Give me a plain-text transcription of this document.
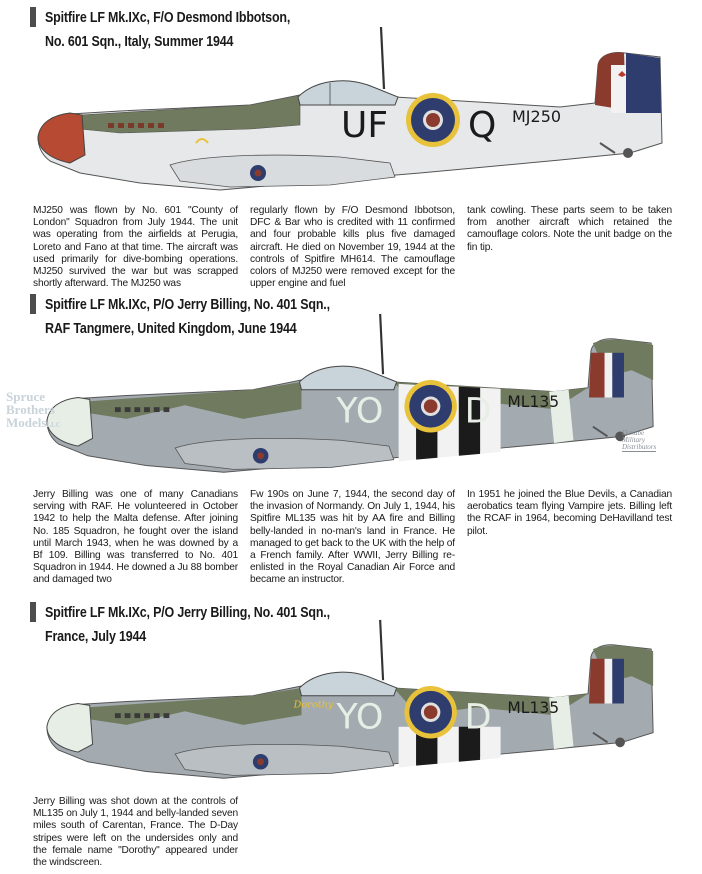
Spitfire LF Mk.IXc, F/O Desmond Ibbotson,
No. 601 Sqn., Italy, Summer 1944
UF Q MJ250
MJ250 was flown by No. 601 "County of London" Squadron from July 1944. The unit was operating from the airfields at Perugia, Loreto and Fano at that time. The aircraft was used primarily for dive-bombing operations. MJ250 survived the war but was scrapped shortly afterward. The MJ250 was
regularly flown by F/O Desmond Ibbotson, DFC & Bar who is credited with 11 confirmed and four probable kills plus five damaged aircraft. He died on November 19, 1944 at the controls of Spitfire MH614. The camouflage colors of MJ250 were removed except for the upper engine and fuel
tank cowling. These parts seem to be taken from another aircraft which retained the camouflage colors. Note the unit badge on the fin tip.
Spitfire LF Mk.IXc, P/O Jerry Billing, No. 401 Sqn.,
RAF Tangmere, United Kingdom, June 1944
YO D ML135
Spruce
Brothers
ModelsLLC
Danube
Military
Distributors
Jerry Billing was one of many Canadians serving with RAF. He volunteered in October 1942 to help the Malta defense. After joining No. 185 Squadron, he fought over the island until March 1943, when he was downed by a Bf 109. Billing was transferred to No. 401 Squadron in 1944. He downed a Ju 88 bomber and damaged two
Fw 190s on June 7, 1944, the second day of the invasion of Normandy. On July 1, 1944, his Spitfire ML135 was hit by AA fire and Billing belly-landed in no-man's land in France. He managed to get back to the UK with the help of a French family. After WWII, Jerry Billing re-enlisted in the Royal Canadian Air Force and became an instructor.
In 1951 he joined the Blue Devils, a Canadian aerobatics team flying Vampire jets. Billing left the RCAF in 1964, becoming DeHavilland test pilot.
Spitfire LF Mk.IXc, P/O Jerry Billing, No. 401 Sqn.,
France, July 1944
Dorothy YO D ML135
Jerry Billing was shot down at the controls of ML135 on July 1, 1944 and belly-landed seven miles south of Carentan, France. The D-Day stripes were left on the undersides only and the female name "Dorothy" appeared under the windscreen.
